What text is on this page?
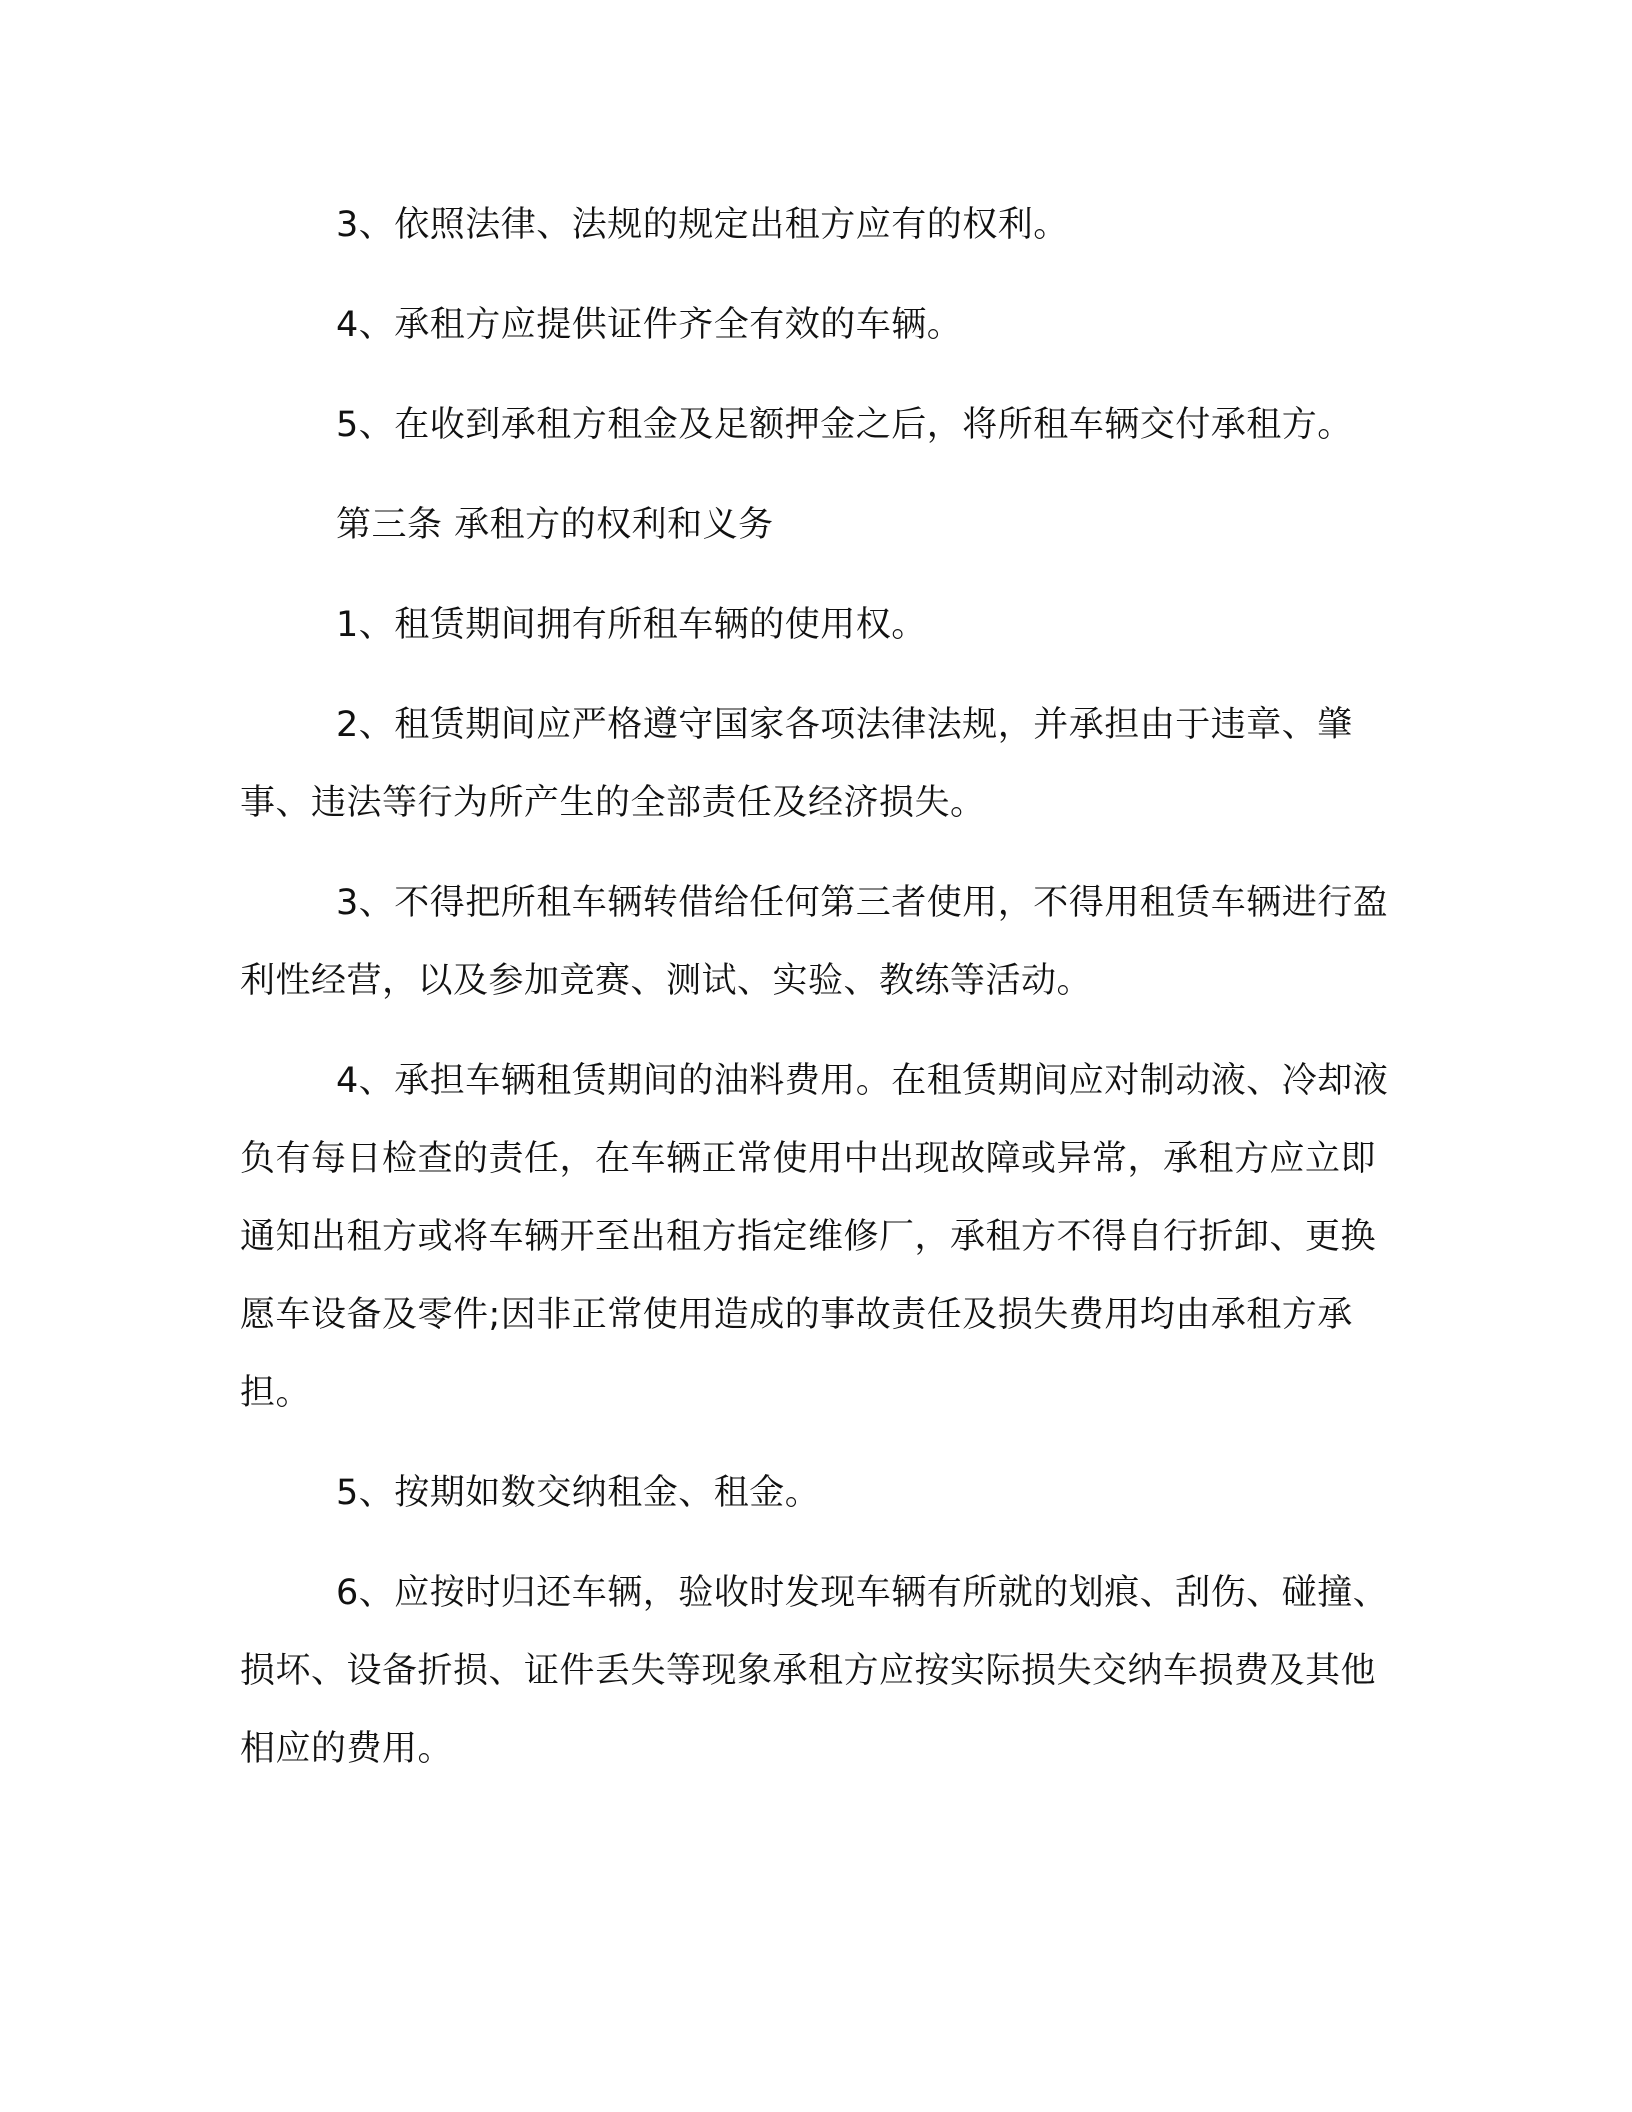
3、依照法律、法规的规定出租方应有的权利。

4、承租方应提供证件齐全有效的车辆。

5、在收到承租方租金及足额押金之后，将所租车辆交付承租方。

第三条 承租方的权利和义务

1、租赁期间拥有所租车辆的使用权。

2、租赁期间应严格遵守国家各项法律法规，并承担由于违章、肇事、违法等行为所产生的全部责任及经济损失。

3、不得把所租车辆转借给任何第三者使用，不得用租赁车辆进行盈利性经营，以及参加竞赛、测试、实验、教练等活动。

4、承担车辆租赁期间的油料费用。在租赁期间应对制动液、冷却液负有每日检查的责任，在车辆正常使用中出现故障或异常，承租方应立即通知出租方或将车辆开至出租方指定维修厂，承租方不得自行折卸、更换愿车设备及零件;因非正常使用造成的事故责任及损失费用均由承租方承担。

5、按期如数交纳租金、租金。

6、应按时归还车辆，验收时发现车辆有所就的划痕、刮伤、碰撞、损坏、设备折损、证件丢失等现象承租方应按实际损失交纳车损费及其他相应的费用。
